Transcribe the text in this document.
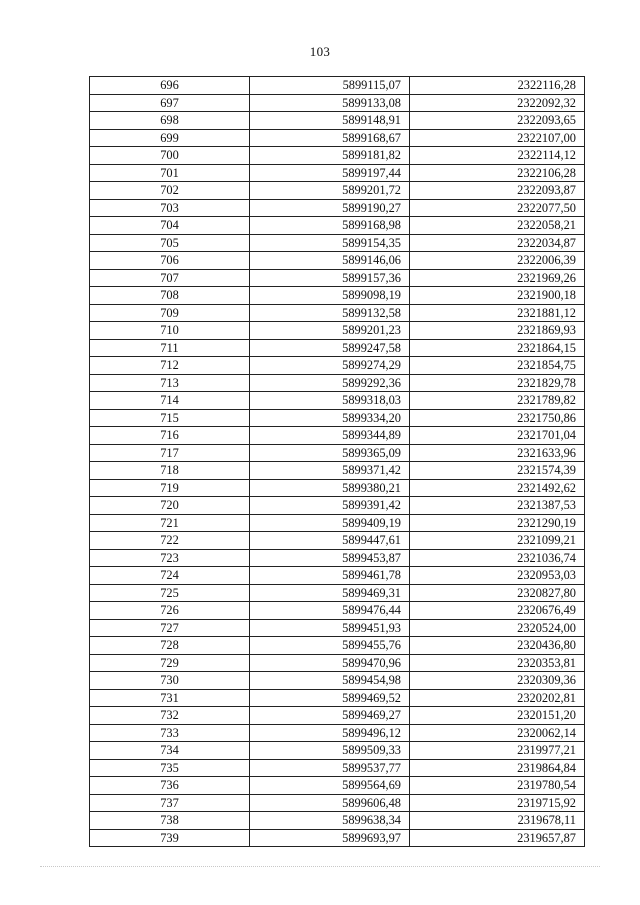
103
696	5899115,07	2322116,28
697	5899133,08	2322092,32
698	5899148,91	2322093,65
699	5899168,67	2322107,00
700	5899181,82	2322114,12
701	5899197,44	2322106,28
702	5899201,72	2322093,87
703	5899190,27	2322077,50
704	5899168,98	2322058,21
705	5899154,35	2322034,87
706	5899146,06	2322006,39
707	5899157,36	2321969,26
708	5899098,19	2321900,18
709	5899132,58	2321881,12
710	5899201,23	2321869,93
711	5899247,58	2321864,15
712	5899274,29	2321854,75
713	5899292,36	2321829,78
714	5899318,03	2321789,82
715	5899334,20	2321750,86
716	5899344,89	2321701,04
717	5899365,09	2321633,96
718	5899371,42	2321574,39
719	5899380,21	2321492,62
720	5899391,42	2321387,53
721	5899409,19	2321290,19
722	5899447,61	2321099,21
723	5899453,87	2321036,74
724	5899461,78	2320953,03
725	5899469,31	2320827,80
726	5899476,44	2320676,49
727	5899451,93	2320524,00
728	5899455,76	2320436,80
729	5899470,96	2320353,81
730	5899454,98	2320309,36
731	5899469,52	2320202,81
732	5899469,27	2320151,20
733	5899496,12	2320062,14
734	5899509,33	2319977,21
735	5899537,77	2319864,84
736	5899564,69	2319780,54
737	5899606,48	2319715,92
738	5899638,34	2319678,11
739	5899693,97	2319657,87
